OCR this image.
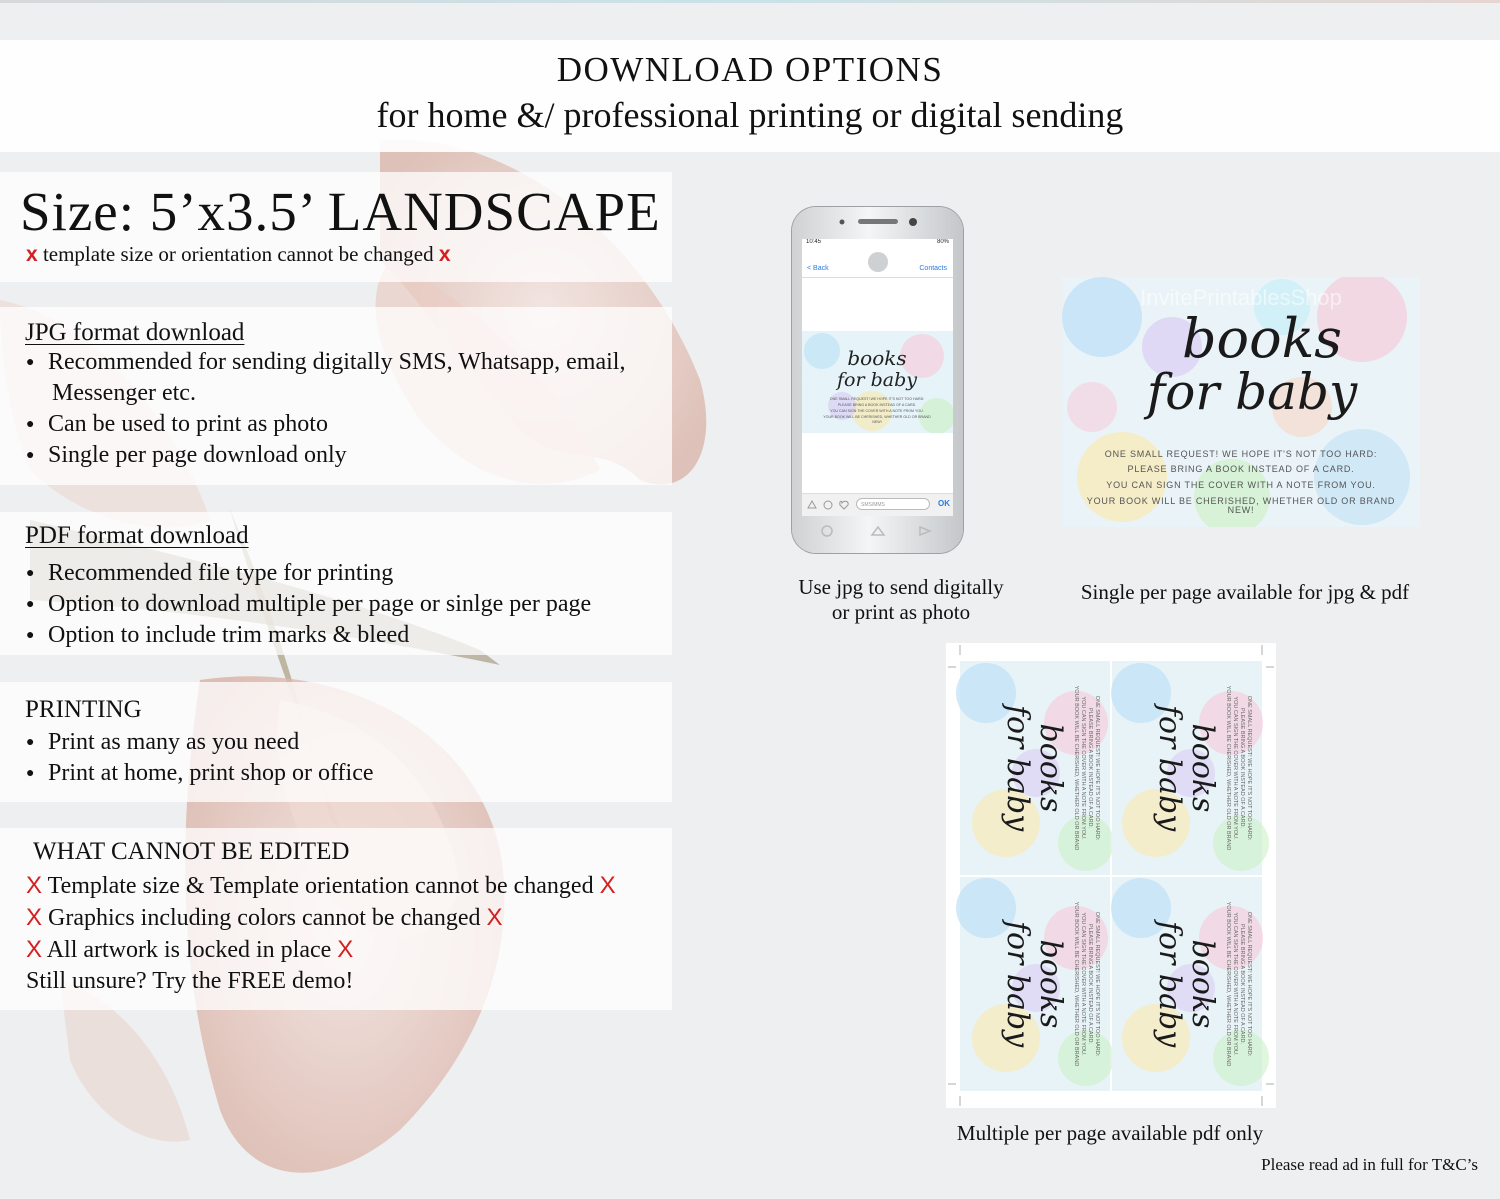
DOWNLOAD OPTIONS
for home &/ professional printing or digital sending
Size: 5’x3.5’ LANDSCAPE
x template size or orientation cannot be changed x
JPG format download
● Recommended for sending digitally SMS, Whatsapp, email,
Messenger etc.
● Can be used to print as photo
● Single per page download only
PDF format download
● Recommended file type for printing
● Option to download multiple per page or sinlge per page
● Option to include trim marks & bleed
PRINTING
● Print as many as you need
● Print at home, print shop or office
WHAT CANNOT BE EDITED
X Template size & Template orientation cannot be changed X
X Graphics including colors cannot be changed X
X All artwork is locked in place X
Still unsure? Try the FREE demo!
10:45	80%
< Back	Contacts
books
for baby
ONE SMALL REQUEST! WE HOPE IT'S NOT TOO HARD:
PLEASE BRING A BOOK INSTEAD OF A CARD.
YOU CAN SIGN THE COVER WITH A NOTE FROM YOU.
YOUR BOOK WILL BE CHERISHED, WHETHER OLD OR BRAND
NEW!
SMS/MMS	OK
Use jpg to send digitally
or print as photo
InvitePrintablesShop
books
for baby
ONE SMALL REQUEST! WE HOPE IT'S NOT TOO HARD:
PLEASE BRING A BOOK INSTEAD OF A CARD.
YOU CAN SIGN THE COVER WITH A NOTE FROM YOU.
YOUR BOOK WILL BE CHERISHED, WHETHER OLD OR BRAND
NEW!
Single per page available for jpg & pdf
books
for baby	books
for baby
books
for baby	books
for baby
ONE SMALL REQUEST! WE HOPE IT'S NOT TOO HARD:
PLEASE BRING A BOOK INSTEAD OF A CARD.
YOU CAN SIGN THE COVER WITH A NOTE FROM YOU.
YOUR BOOK WILL BE CHERISHED, WHETHER OLD OR BRAND	ONE SMALL REQUEST! WE HOPE IT'S NOT TOO HARD:
PLEASE BRING A BOOK INSTEAD OF A CARD.
YOU CAN SIGN THE COVER WITH A NOTE FROM YOU.
YOUR BOOK WILL BE CHERISHED, WHETHER OLD OR BRAND
ONE SMALL REQUEST! WE HOPE IT'S NOT TOO HARD:
PLEASE BRING A BOOK INSTEAD OF A CARD.
YOU CAN SIGN THE COVER WITH A NOTE FROM YOU.
YOUR BOOK WILL BE CHERISHED, WHETHER OLD OR BRAND	ONE SMALL REQUEST! WE HOPE IT'S NOT TOO HARD:
PLEASE BRING A BOOK INSTEAD OF A CARD.
YOU CAN SIGN THE COVER WITH A NOTE FROM YOU.
YOUR BOOK WILL BE CHERISHED, WHETHER OLD OR BRAND
Multiple per page available pdf only
Please read ad in full for T&C’s
